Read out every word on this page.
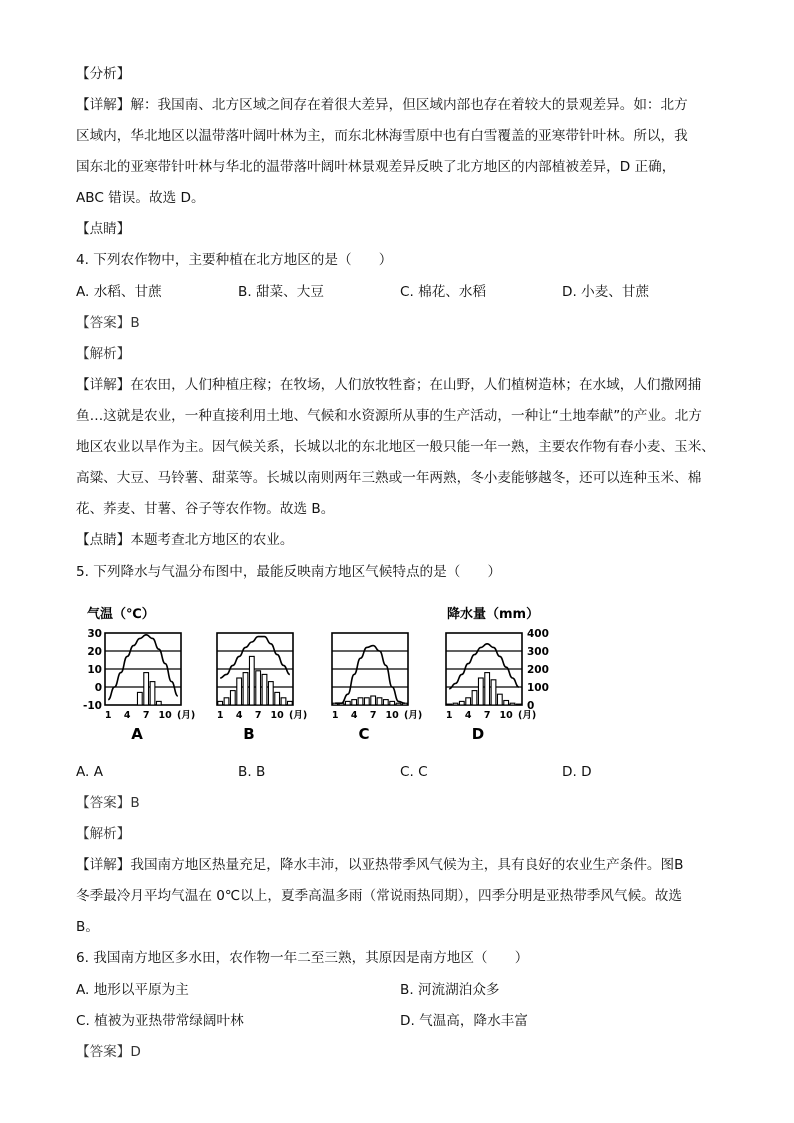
【分析】
【详解】解：我国南、北方区域之间存在着很大差异，但区域内部也存在着较大的景观差异。如：北方
区域内，华北地区以温带落叶阔叶林为主，而东北林海雪原中也有白雪覆盖的亚寒带针叶林。所以，我
国东北的亚寒带针叶林与华北的温带落叶阔叶林景观差异反映了北方地区的内部植被差异，D 正确，
ABC 错误。故选 D。
【点睛】
4. 下列农作物中，主要种植在北方地区的是（　　）
A. 水稻、甘蔗	B. 甜菜、大豆	C. 棉花、水稻	D. 小麦、甘蔗
【答案】B
【解析】
【详解】在农田，人们种植庄稼；在牧场，人们放牧牲畜；在山野，人们植树造林；在水域，人们撒网捕
鱼…这就是农业，一种直接利用土地、气候和水资源所从事的生产活动，一种让“土地奉献”的产业。北方
地区农业以旱作为主。因气候关系，长城以北的东北地区一般只能一年一熟，主要农作物有春小麦、玉米、
高粱、大豆、马铃薯、甜菜等。长城以南则两年三熟或一年两熟，冬小麦能够越冬，还可以连种玉米、棉
花、荞麦、甘薯、谷子等农作物。故选 B。
【点睛】本题考查北方地区的农业。
5. 下列降水与气温分布图中，最能反映南方地区气候特点的是（　　）
气温（℃）	降水量（mm）
30
20
10
0
-10
400
300
200
100
0
1 4 7 10 (月)
A
1 4 7 10 (月)
B
1 4 7 10 (月)
C
1 4 7 10 (月)
D
A. A	B. B	C. C	D. D
【答案】B
【解析】
【详解】我国南方地区热量充足，降水丰沛，以亚热带季风气候为主，具有良好的农业生产条件。图B
冬季最冷月平均气温在 0℃以上，夏季高温多雨（常说雨热同期），四季分明是亚热带季风气候。故选
B。
6. 我国南方地区多水田，农作物一年二至三熟，其原因是南方地区（　　）
A. 地形以平原为主	B. 河流湖泊众多
C. 植被为亚热带常绿阔叶林	D. 气温高，降水丰富
【答案】D
